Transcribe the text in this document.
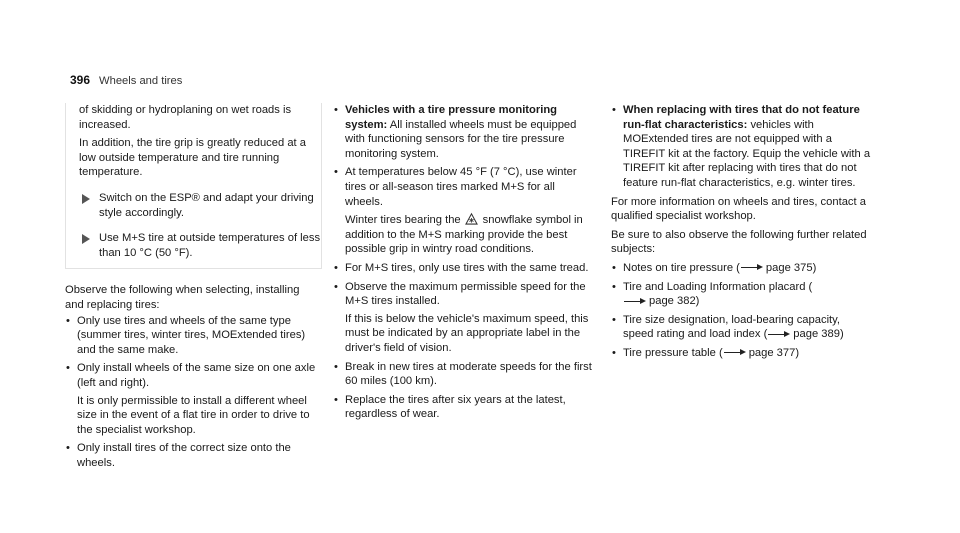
396 Wheels and tires

of skidding or hydroplaning on wet roads is increased.

In addition, the tire grip is greatly reduced at a low outside temperature and tire running temperature.

Switch on the ESP® and adapt your driving style accordingly.
Use M+S tire at outside temperatures of less than 10 °C (50 °F).

Observe the following when selecting, installing and replacing tires:

• Only use tires and wheels of the same type (summer tires, winter tires, MOExtended tires) and the same make.
• Only install wheels of the same size on one axle (left and right).

It is only permissible to install a different wheel size in the event of a flat tire in order to drive to the specialist workshop.

• Only install tires of the correct size onto the wheels.
• Vehicles with a tire pressure monitoring system: All installed wheels must be equipped with functioning sensors for the tire pressure monitoring system.
• At temperatures below 45 °F (7 °C), use winter tires or all-season tires marked M+S for all wheels.

Winter tires bearing the snowflake symbol in addition to the M+S marking provide the best possible grip in wintry road conditions.

• For M+S tires, only use tires with the same tread.
• Observe the maximum permissible speed for the M+S tires installed.

If this is below the vehicle's maximum speed, this must be indicated by an appropriate label in the driver's field of vision.

• Break in new tires at moderate speeds for the first 60 miles (100 km).
• Replace the tires after six years at the latest, regardless of wear.
• When replacing with tires that do not feature run-flat characteristics: vehicles with MOExtended tires are not equipped with a TIREFIT kit at the factory. Equip the vehicle with a TIREFIT kit after replacing with tires that do not feature run-flat characteristics, e.g. winter tires.

For more information on wheels and tires, contact a qualified specialist workshop.

Be sure to also observe the following further related subjects:

• Notes on tire pressure ( page 375)
• Tire and Loading Information placard (page 382)
• Tire size designation, load-bearing capacity, speed rating and load index ( page 389)
• Tire pressure table ( page 377)
